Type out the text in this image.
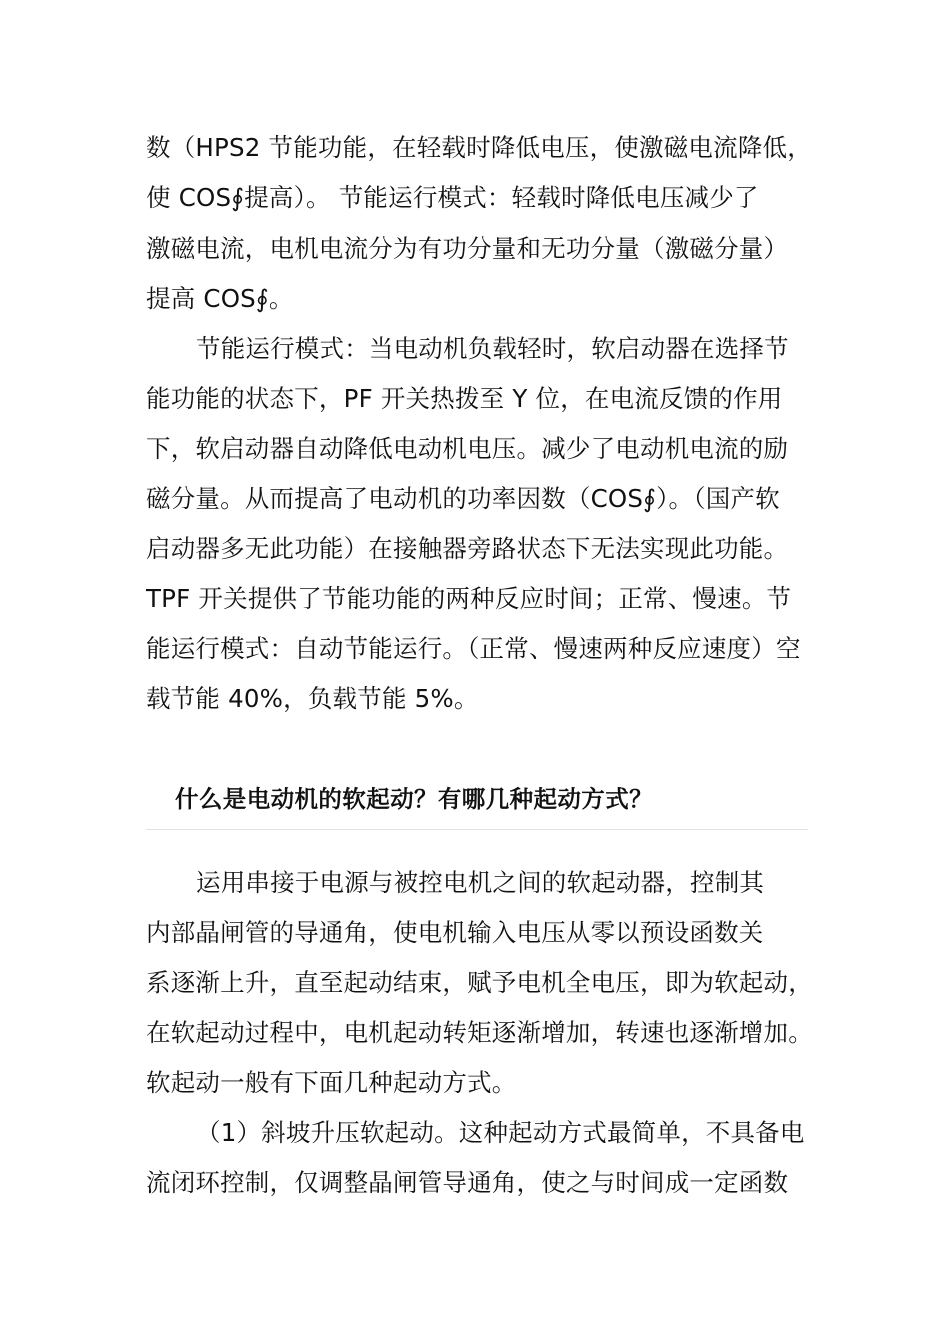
数（HPS2 节能功能，在轻载时降低电压，使激磁电流降低，
使 COS∮提高）。 节能运行模式：轻载时降低电压减少了
激磁电流，电机电流分为有功分量和无功分量（激磁分量）
提高 COS∮。
节能运行模式：当电动机负载轻时，软启动器在选择节
能功能的状态下，PF 开关热拨至 Y 位，在电流反馈的作用
下，软启动器自动降低电动机电压。减少了电动机电流的励
磁分量。从而提高了电动机的功率因数（COS∮）。（国产软
启动器多无此功能）在接触器旁路状态下无法实现此功能。
TPF 开关提供了节能功能的两种反应时间；正常、慢速。节
能运行模式：自动节能运行。（正常、慢速两种反应速度）空
载节能 40%，负载节能 5%。
什么是电动机的软起动？有哪几种起动方式？
运用串接于电源与被控电机之间的软起动器，控制其
内部晶闸管的导通角，使电机输入电压从零以预设函数关
系逐渐上升，直至起动结束，赋予电机全电压，即为软起动，
在软起动过程中，电机起动转矩逐渐增加，转速也逐渐增加。
软起动一般有下面几种起动方式。
（1）斜坡升压软起动。这种起动方式最简单，不具备电
流闭环控制，仅调整晶闸管导通角，使之与时间成一定函数
